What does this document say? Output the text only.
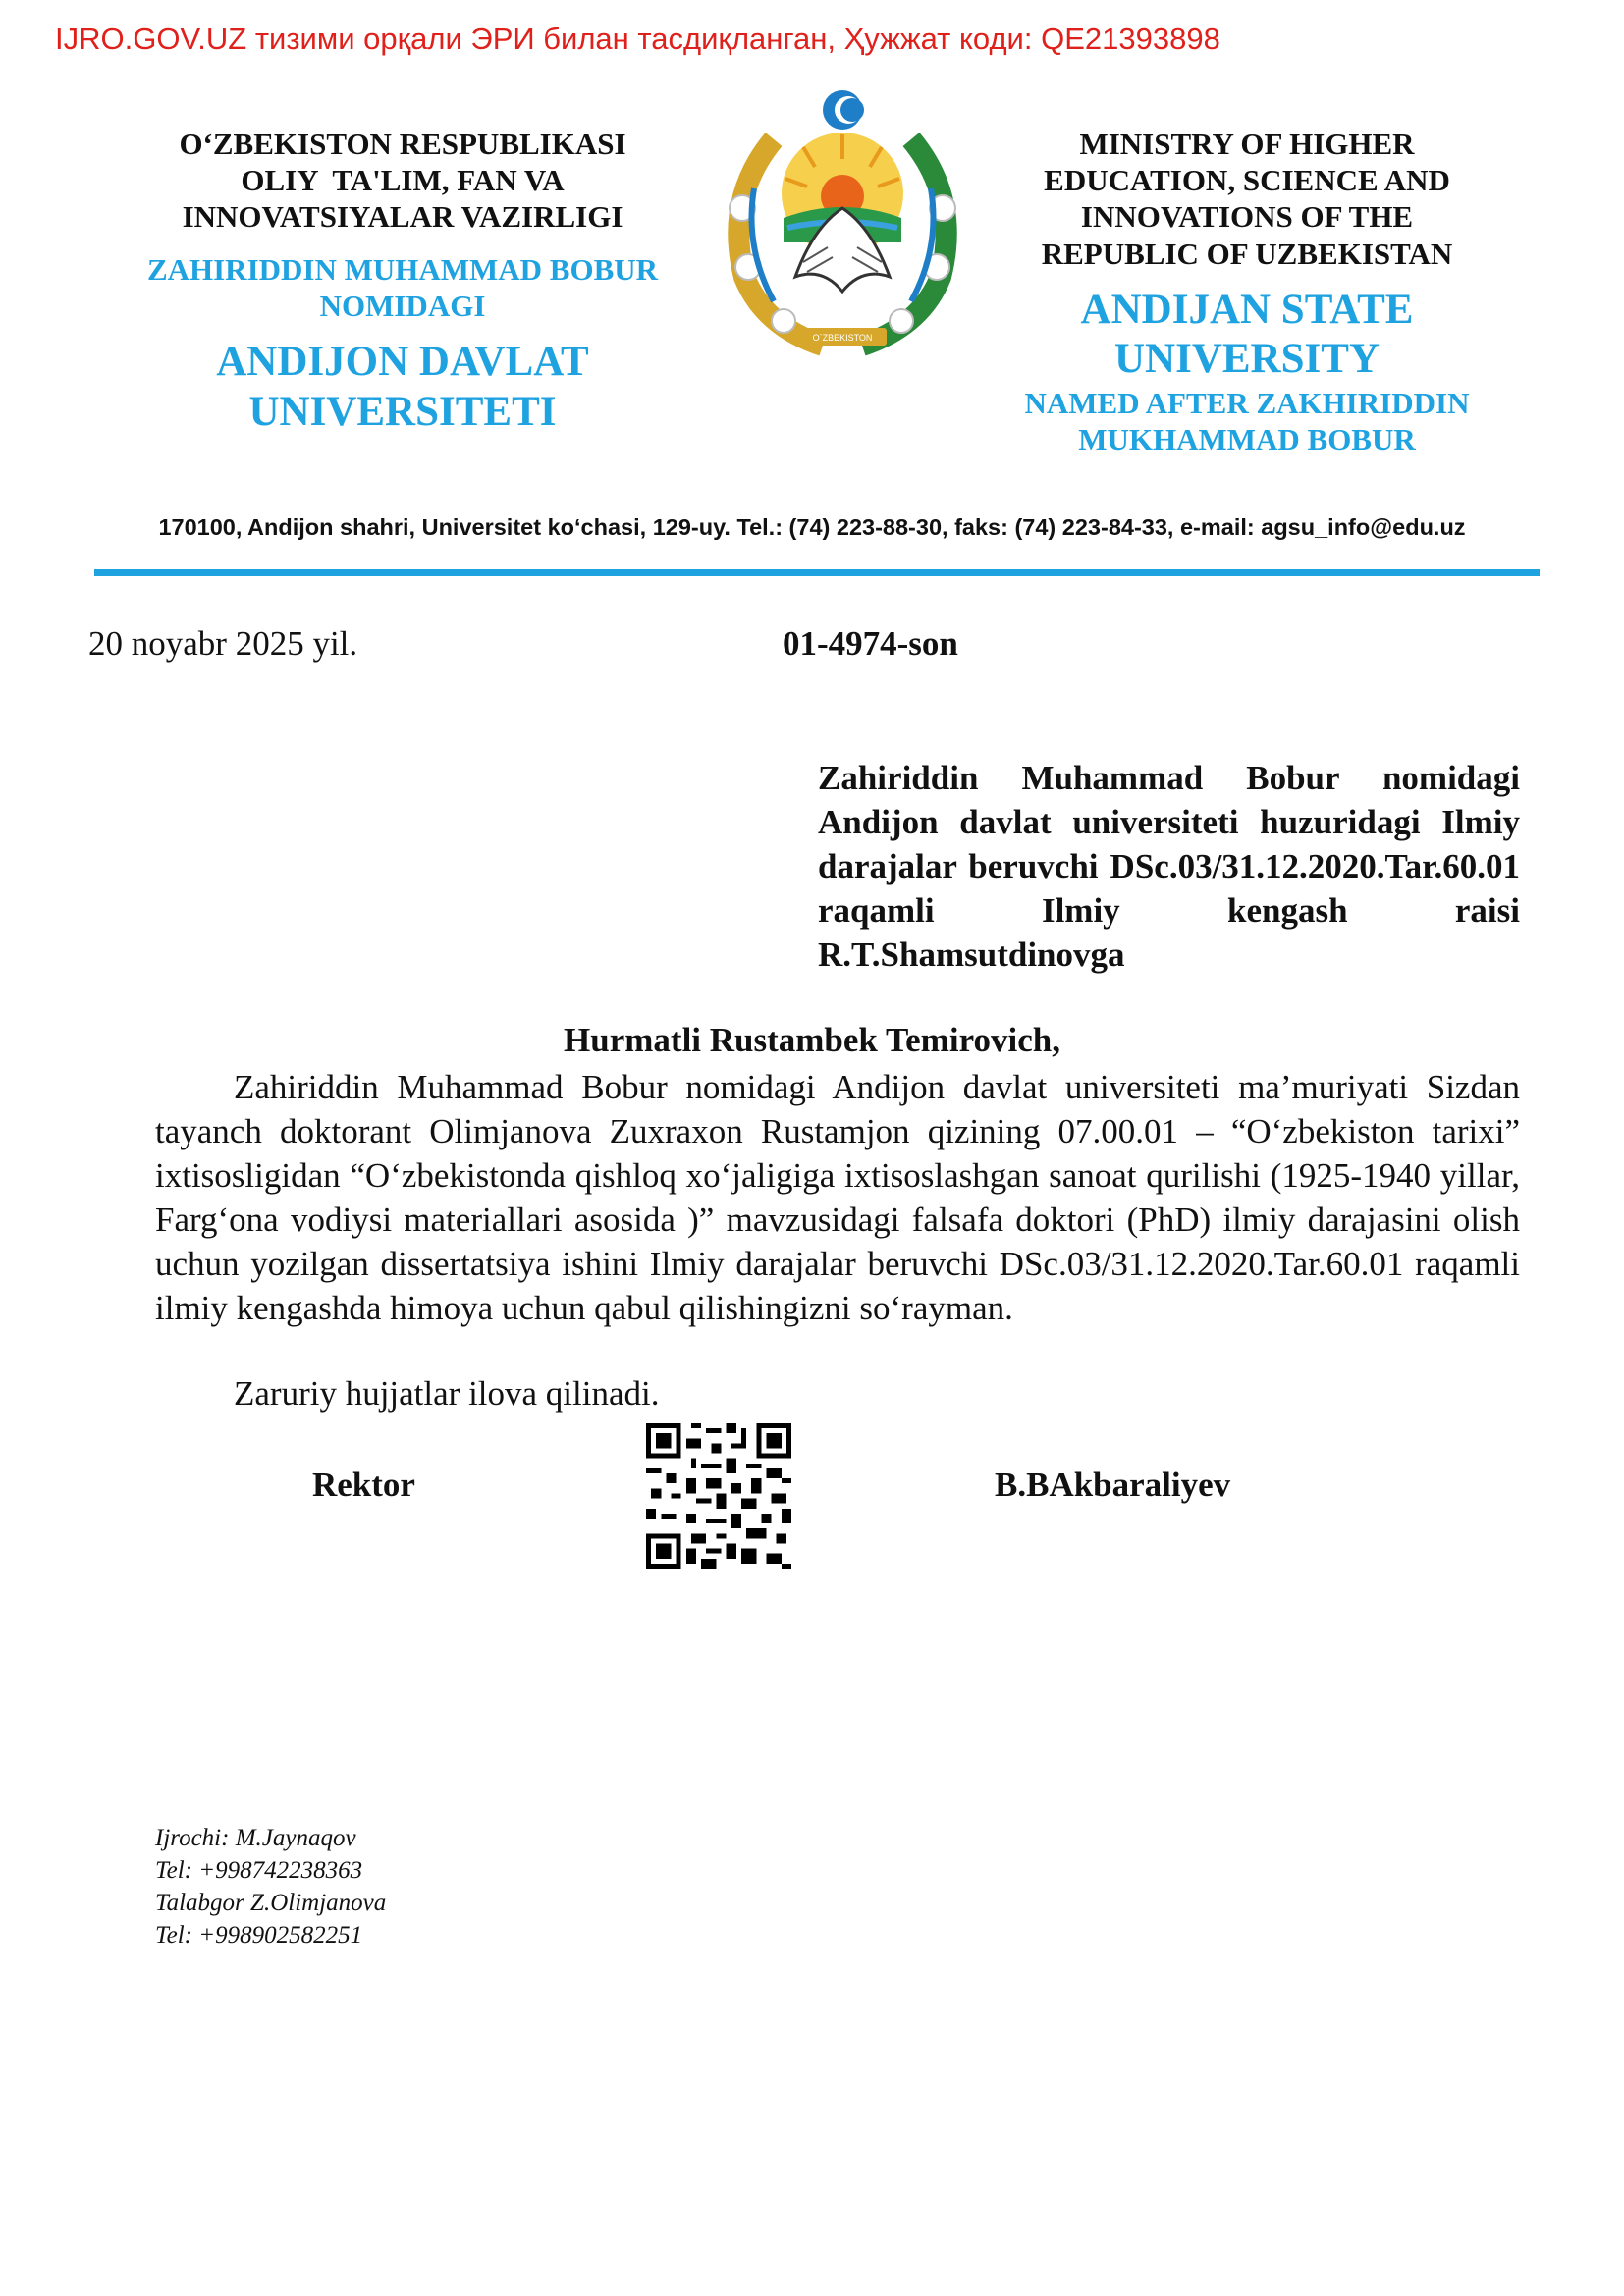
IJRO.GOV.UZ тизими орқали ЭРИ билан тасдиқланган, Ҳужжат коди: QE21393898
O‘ZBEKISTON RESPUBLIKASI
OLIY  TA'LIM, FAN VA
INNOVATSIYALAR VAZIRLIGI
ZAHIRIDDIN MUHAMMAD BOBUR
NOMIDAGI
ANDIJON DAVLAT
UNIVERSITETI
O`ZBEKISTON
MINISTRY OF HIGHER
EDUCATION, SCIENCE AND
INNOVATIONS OF THE
REPUBLIC OF UZBEKISTAN
ANDIJAN STATE
UNIVERSITY
NAMED AFTER ZAKHIRIDDIN
MUKHAMMAD BOBUR
170100, Andijon shahri, Universitet ko‘chasi, 129-uy. Tel.: (74) 223-88-30, faks: (74) 223-84-33, e-mail: agsu_info@edu.uz
20 noyabr 2025 yil.	01-4974-son
Zahiriddin Muhammad Bobur nomidagi Andijon davlat universiteti huzuridagi Ilmiy darajalar beruvchi DSc.03/31.12.2020.Tar.60.01 raqamli Ilmiy kengash raisi R.T.Shamsutdinovga
Hurmatli Rustambek Temirovich,
Zahiriddin Muhammad Bobur nomidagi Andijon davlat universiteti ma’muriyati Sizdan tayanch doktorant Olimjanova Zuxraxon Rustamjon qizining 07.00.01 – “O‘zbekiston tarixi” ixtisosligidan “O‘zbekistonda qishloq xo‘jaligiga ixtisoslashgan sanoat qurilishi (1925-1940 yillar, Farg‘ona vodiysi materiallari asosida )” mavzusidagi falsafa doktori (PhD) ilmiy darajasini olish uchun yozilgan dissertatsiya ishini Ilmiy darajalar beruvchi DSc.03/31.12.2020.Tar.60.01 raqamli ilmiy kengashda himoya uchun qabul qilishingizni so‘rayman.
Zaruriy hujjatlar ilova qilinadi.
Rektor	B.BAkbaraliyev
Ijrochi: M.Jaynaqov
Tel: +998742238363
Talabgor Z.Olimjanova
Tel: +998902582251
